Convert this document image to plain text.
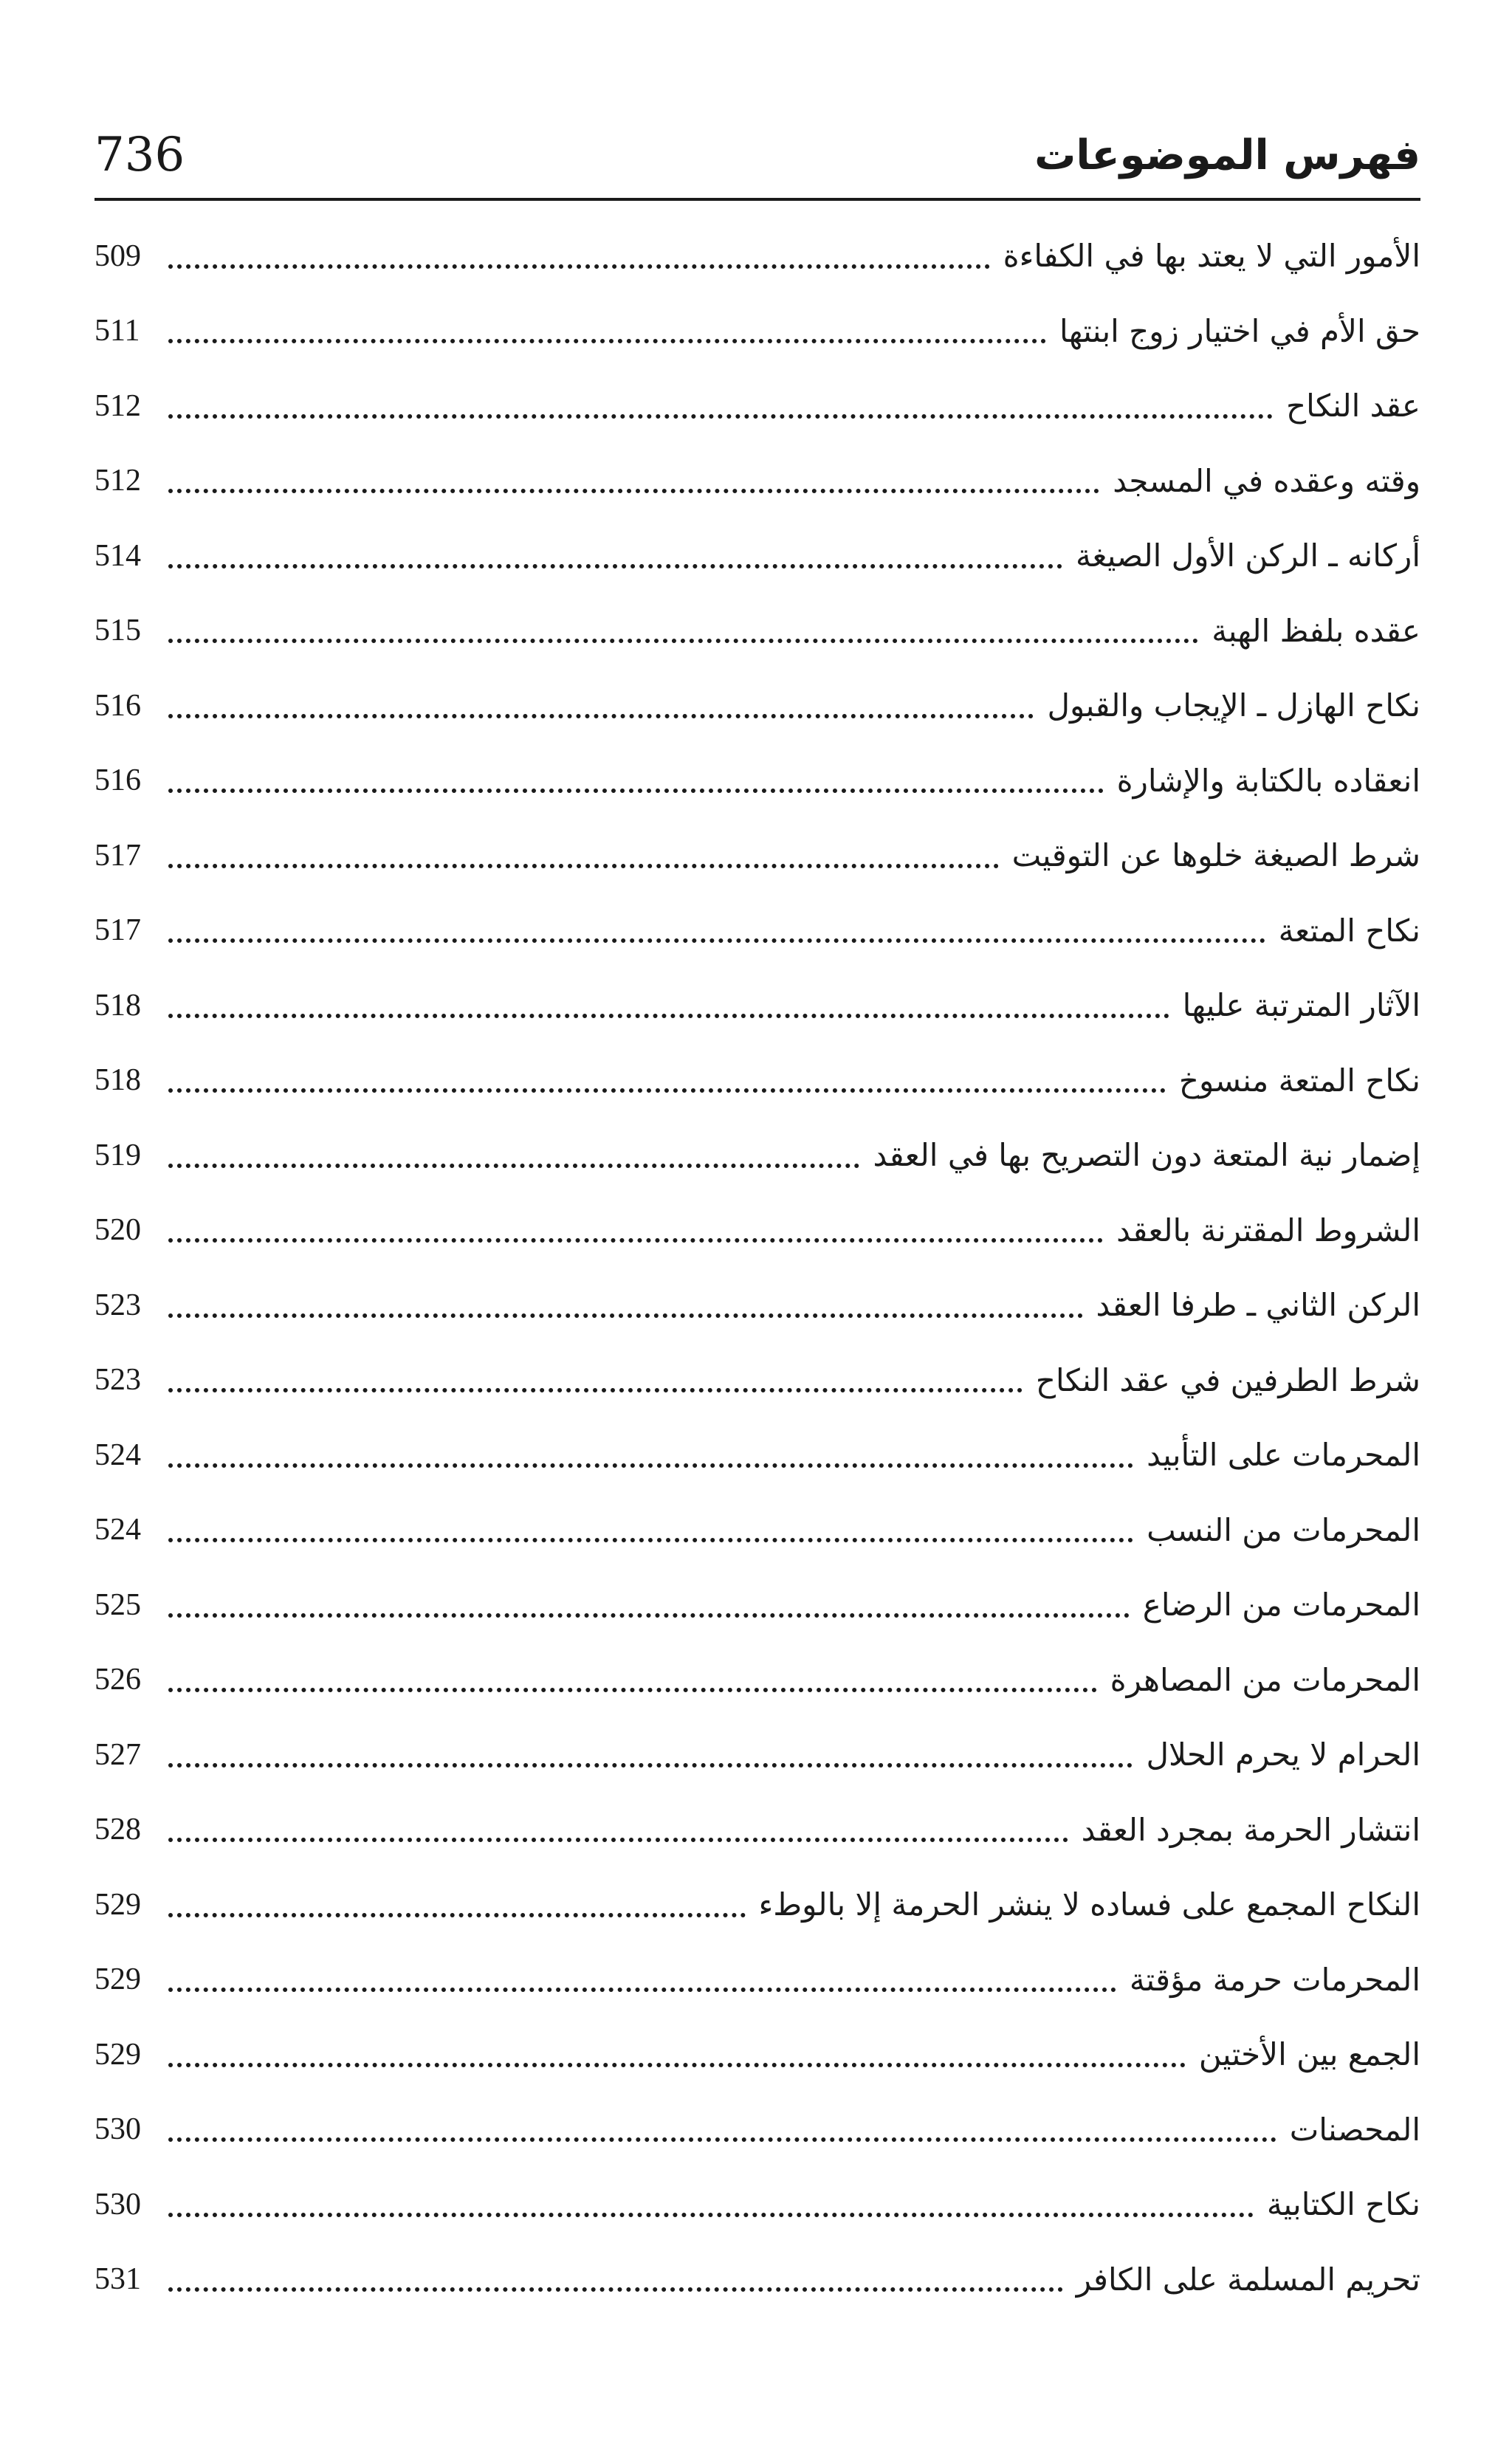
736	فهرس الموضوعات
الأمور التي لا يعتد بها في الكفاءة
509
حق الأم في اختيار زوج ابنتها
511
عقد النكاح
512
وقته وعقده في المسجد
512
أركانه ـ الركن الأول الصيغة
514
عقده بلفظ الهبة
515
نكاح الهازل ـ الإيجاب والقبول
516
انعقاده بالكتابة والإشارة
516
شرط الصيغة خلوها عن التوقيت
517
نكاح المتعة
517
الآثار المترتبة عليها
518
نكاح المتعة منسوخ
518
إضمار نية المتعة دون التصريح بها في العقد
519
الشروط المقترنة بالعقد
520
الركن الثاني ـ طرفا العقد
523
شرط الطرفين في عقد النكاح
523
المحرمات على التأبيد
524
المحرمات من النسب
524
المحرمات من الرضاع
525
المحرمات من المصاهرة
526
الحرام لا يحرم الحلال
527
انتشار الحرمة بمجرد العقد
528
النكاح المجمع على فساده لا ينشر الحرمة إلا بالوطء
529
المحرمات حرمة مؤقتة
529
الجمع بين الأختين
529
المحصنات
530
نكاح الكتابية
530
تحريم المسلمة على الكافر
531
